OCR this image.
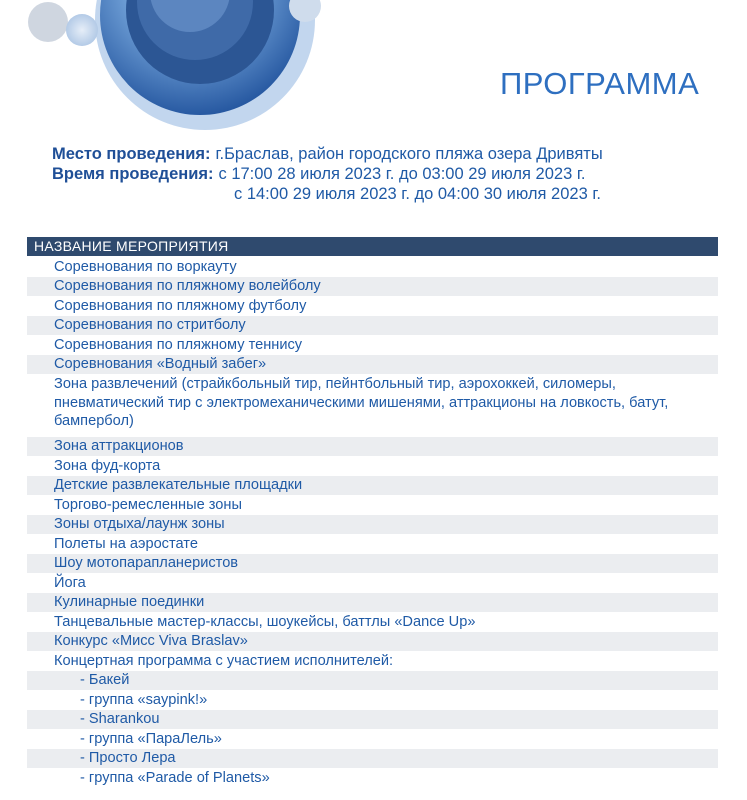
ПРОГРАММА
Место проведения: г.Браслав, район городского пляжа озера Дривяты
Время проведения: с 17:00 28 июля 2023 г. до 03:00 29 июля 2023 г.
с 14:00 29 июля 2023 г. до 04:00 30 июля 2023 г.
НАЗВАНИЕ МЕРОПРИЯТИЯ
Соревнования по воркауту
Соревнования по пляжному волейболу
Соревнования по пляжному футболу
Соревнования по стритболу
Соревнования по пляжному теннису
Соревнования «Водный забег»
Зона развлечений (страйкбольный тир, пейнтбольный тир, аэрохоккей, силомеры, пневматический тир с электромеханическими мишенями, аттракционы на ловкость, батут, бампербол)
Зона аттракционов
Зона фуд-корта
Детские развлекательные площадки
Торгово-ремесленные зоны
Зоны отдыха/лаунж зоны
Полеты на аэростате
Шоу мотопарапланеристов
Йога
Кулинарные поединки
Танцевальные мастер-классы, шоукейсы, баттлы «Dance Up»
Конкурс «Мисс Viva Braslav»
Концертная программа с участием исполнителей:
- Бакей
- группа «saypink!»
- Sharankou
- группа «ПараЛель»
- Просто Лера
- группа «Parade of Planets»
